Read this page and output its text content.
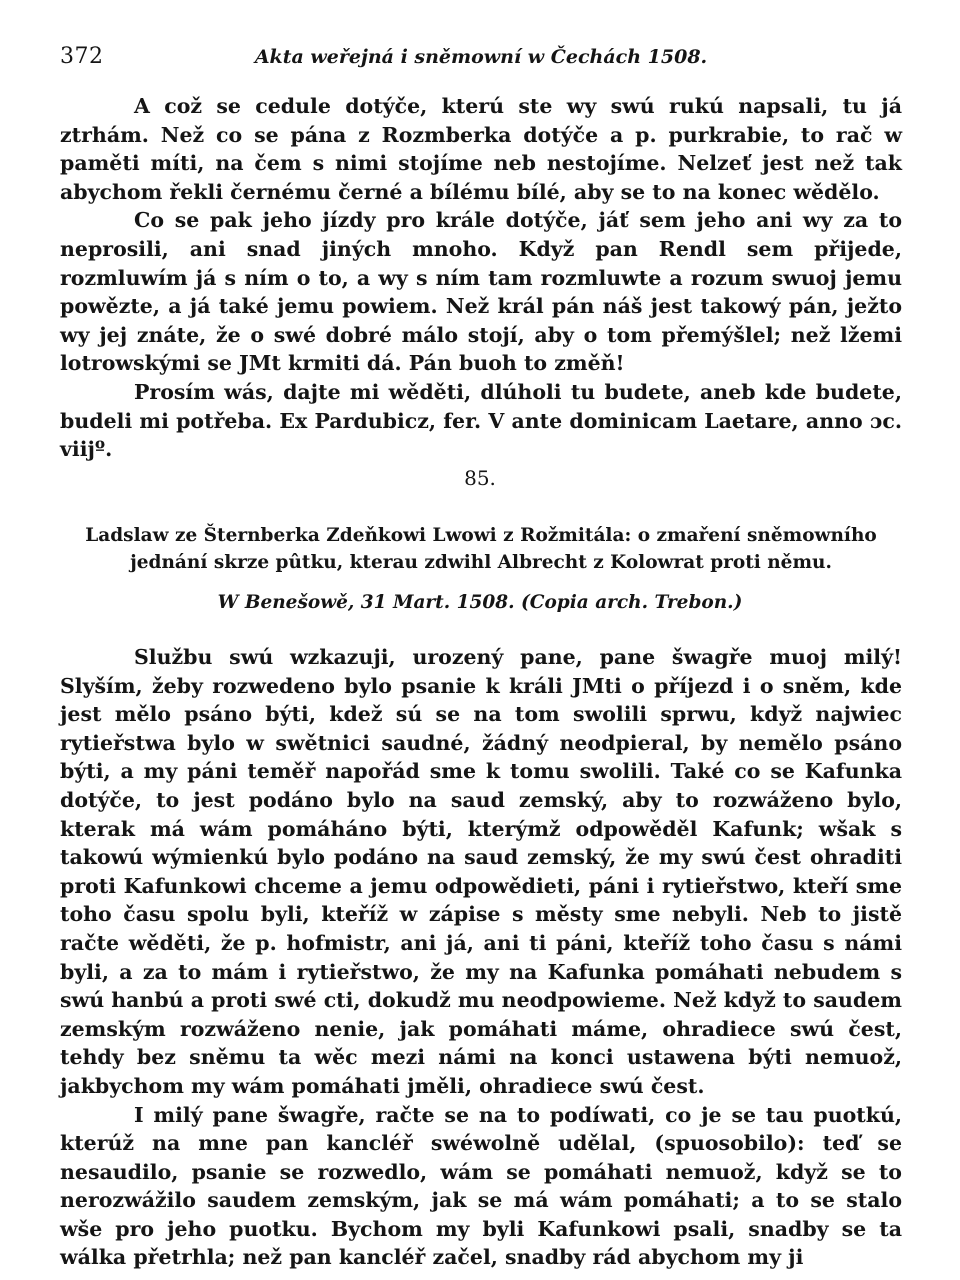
372	Akta weřejná i sněmowní w Čechách 1508.

A což se cedule dotýče, kterú ste wy swú rukú napsali, tu já ztrhám. Než co se pána z Rozmberka dotýče a p. purkrabie, to rač w paměti míti, na čem s nimi stojíme neb nestojíme. Nelzeť jest než tak abychom řekli černému černé a bílému bílé, aby se to na konec wědělo.

Co se pak jeho jízdy pro krále dotýče, jáť sem jeho ani wy za to neprosili, ani snad jiných mnoho. Když pan Rendl sem přijede, rozmluwím já s ním o to, a wy s ním tam rozmluwte a rozum swuoj jemu powězte, a já také jemu powiem. Než král pán náš jest takowý pán, ježto wy jej znáte, že o swé dobré málo stojí, aby o tom přemýšlel; než lžemi lotrowskými se JMt krmiti dá. Pán buoh to změň!

Prosím wás, dajte mi wěděti, dlúholi tu budete, aneb kde budete, budeli mi potřeba. Ex Pardubicz, fer. V ante dominicam Laetare, anno ɔc. viijº.

85.
Ladslaw ze Šternberka Zdeňkowi Lwowi z Rožmitála: o zmaření sněmowního jednání skrze pûtku, kterau zdwihl Albrecht z Kolowrat proti němu.
W Benešowě, 31 Mart. 1508. (Copia arch. Trebon.)

Službu swú wzkazuji, urozený pane, pane šwagře muoj milý! Slyším, žeby rozwedeno bylo psanie k králi JMti o příjezd i o sněm, kde jest mělo psáno býti, kdež sú se na tom swolili sprwu, když najwiec rytieřstwa bylo w swětnici saudné, žádný neodpieral, by nemělo psáno býti, a my páni teměř napořád sme k tomu swolili. Také co se Kafunka dotýče, to jest podáno bylo na saud zemský, aby to rozwáženo bylo, kterak má wám pomáháno býti, kterýmž odpowěděl Kafunk; wšak s takowú wýmienkú bylo podáno na saud zemský, že my swú čest ohraditi proti Kafunkowi chceme a jemu odpowědieti, páni i rytieřstwo, kteří sme toho času spolu byli, kteříž w zápise s městy sme nebyli. Neb to jistě račte wěděti, že p. hofmistr, ani já, ani ti páni, kteříž toho času s námi byli, a za to mám i rytieřstwo, že my na Kafunka pomáhati nebudem s swú hanbú a proti swé cti, dokudž mu neodpowieme. Než když to saudem zemským rozwáženo nenie, jak pomáhati máme, ohradiece swú čest, tehdy bez sněmu ta wěc mezi námi na konci ustawena býti nemuož, jakbychom my wám pomáhati jměli, ohradiece swú čest.

I milý pane šwagře, račte se na to podíwati, co je se tau puotkú, kterúž na mne pan kancléř swéwolně udělal, (spuosobilo): teď se nesaudilo, psanie se rozwedlo, wám se pomáhati nemuož, když se to nerozwážilo saudem zemským, jak se má wám pomáhati; a to se stalo wše pro jeho puotku. Bychom my byli Kafunkowi psali, snadby se ta wálka přetrhla; než pan kancléř začel, snadby rád abychom my ji
